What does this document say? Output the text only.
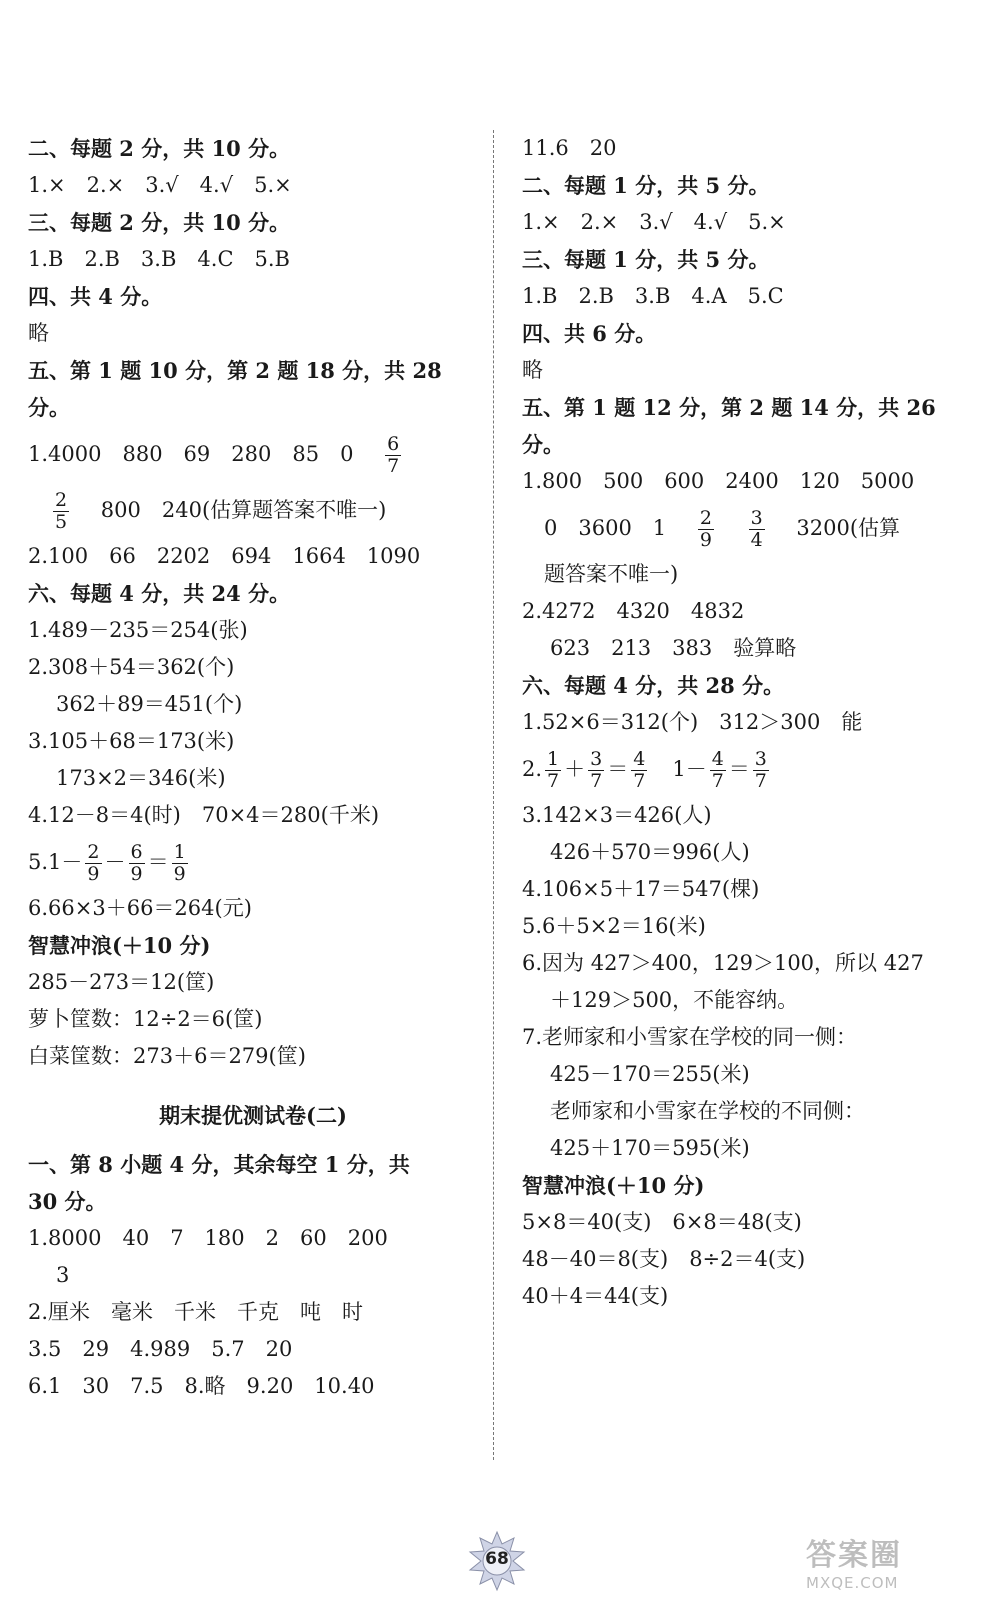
二、每题 2 分，共 10 分。

1.×　2.×　3.√　4.√　5.×

三、每题 2 分，共 10 分。

1.B　2.B　3.B　4.C　5.B

四、共 4 分。

略

五、第 1 题 10 分，第 2 题 18 分，共 28

分。

1.4000　880　69　280　85　$0 \frac{6}{7}$

$\frac{2}{5} 800$　240(估算题答案不唯一)

2.100　66　2202　694　1664　1090

六、每题 4 分，共 24 分。

1.489－235＝254(张)

2.308＋54＝362(个)

362＋89＝451(个)

3.105＋68＝173(米)

173×2＝346(米)

4.12－8＝4(时)　70×4＝280(千米)

$5.1- \frac{2}{9} - \frac{6}{9} = \frac{1}{9}$

6.66×3＋66＝264(元)

智慧冲浪(＋10 分)

285－273＝12(筐)

萝卜筐数：12÷2＝6(筐)

白菜筐数：273＋6＝279(筐)

期末提优测试卷(二)

一、第 8 小题 4 分，其余每空 1 分，共

30 分。

1.8000　40　7　180　2　60　200

3

2.厘米　毫米　千米　千克　吨　时

3.5　29　4.989　5.7　20

6.1　30　7.5　8.略　9.20　10.40

11.6　20

二、每题 1 分，共 5 分。

1.×　2.×　3.√　4.√　5.×

三、每题 1 分，共 5 分。

1.B　2.B　3.B　4.A　5.C

四、共 6 分。

略

五、第 1 题 12 分，第 2 题 14 分，共 26

分。

1.800　500　600　2400　120　5000

0　3600　$1 \frac{2}{9}$
$\frac{3}{4} 3200$(估算

题答案不唯一)

2.4272　4320　4832

623　213　383　验算略

六、每题 4 分，共 28 分。

1.52×6＝312(个)　312＞300　能

2. $\frac{1}{7} + \frac{3}{7} = \frac{4}{7} 1- \frac{4}{7} = \frac{3}{7}$

3.142×3＝426(人)

426＋570＝996(人)

4.106×5＋17＝547(棵)

5.6＋5×2＝16(米)

6.因为 427＞400，129＞100，所以 427

＋129＞500，不能容纳。

7.老师家和小雪家在学校的同一侧：

425－170＝255(米)

老师家和小雪家在学校的不同侧：

425＋170＝595(米)

智慧冲浪(＋10 分)

5×8＝40(支)　6×8＝48(支)

48－40＝8(支)　8÷2＝4(支)

40＋4＝44(支)

68	答案圈
MXQE.COM
